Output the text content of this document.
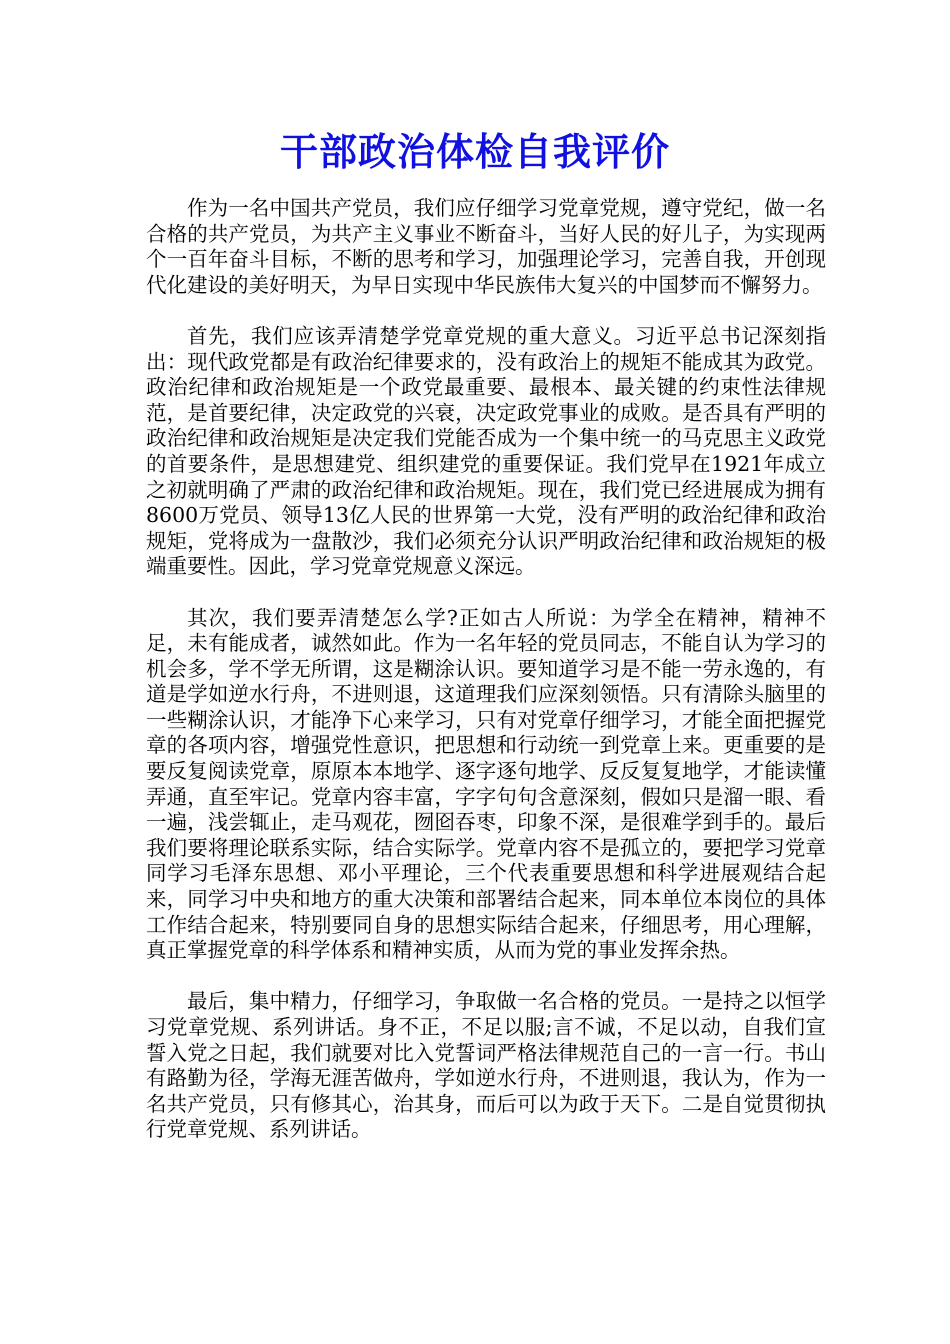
干部政治体检自我评价

作为一名中国共产党员，我们应仔细学习党章党规，遵守党纪，做一名合格的共产党员，为共产主义事业不断奋斗，当好人民的好儿子，为实现两个一百年奋斗目标，不断的思考和学习，加强理论学习，完善自我，开创现代化建设的美好明天，为早日实现中华民族伟大复兴的中国梦而不懈努力。

首先，我们应该弄清楚学党章党规的重大意义。习近平总书记深刻指出：现代政党都是有政治纪律要求的，没有政治上的规矩不能成其为政党。政治纪律和政治规矩是一个政党最重要、最根本、最关键的约束性法律规范，是首要纪律，决定政党的兴衰，决定政党事业的成败。是否具有严明的政治纪律和政治规矩是决定我们党能否成为一个集中统一的马克思主义政党的首要条件，是思想建党、组织建党的重要保证。我们党早在1921年成立之初就明确了严肃的政治纪律和政治规矩。现在，我们党已经进展成为拥有8600万党员、领导13亿人民的世界第一大党，没有严明的政治纪律和政治规矩，党将成为一盘散沙，我们必须充分认识严明政治纪律和政治规矩的极端重要性。因此，学习党章党规意义深远。

其次，我们要弄清楚怎么学?正如古人所说：为学全在精神，精神不足，未有能成者，诚然如此。作为一名年轻的党员同志，不能自认为学习的机会多，学不学无所谓，这是糊涂认识。要知道学习是不能一劳永逸的，有道是学如逆水行舟，不进则退，这道理我们应深刻领悟。只有清除头脑里的一些糊涂认识，才能净下心来学习，只有对党章仔细学习，才能全面把握党章的各项内容，增强党性意识，把思想和行动统一到党章上来。更重要的是要反复阅读党章，原原本本地学、逐字逐句地学、反反复复地学，才能读懂弄通，直至牢记。党章内容丰富，字字句句含意深刻，假如只是溜一眼、看一遍，浅尝辄止，走马观花，囫囵吞枣，印象不深，是很难学到手的。最后我们要将理论联系实际，结合实际学。党章内容不是孤立的，要把学习党章同学习毛泽东思想、邓小平理论，三个代表重要思想和科学进展观结合起来，同学习中央和地方的重大决策和部署结合起来，同本单位本岗位的具体工作结合起来，特别要同自身的思想实际结合起来，仔细思考，用心理解，真正掌握党章的科学体系和精神实质，从而为党的事业发挥余热。

最后，集中精力，仔细学习，争取做一名合格的党员。一是持之以恒学习党章党规、系列讲话。身不正，不足以服;言不诚，不足以动，自我们宣誓入党之日起，我们就要对比入党誓词严格法律规范自己的一言一行。书山有路勤为径，学海无涯苦做舟，学如逆水行舟，不进则退，我认为，作为一名共产党员，只有修其心，治其身，而后可以为政于天下。二是自觉贯彻执行党章党规、系列讲话。
